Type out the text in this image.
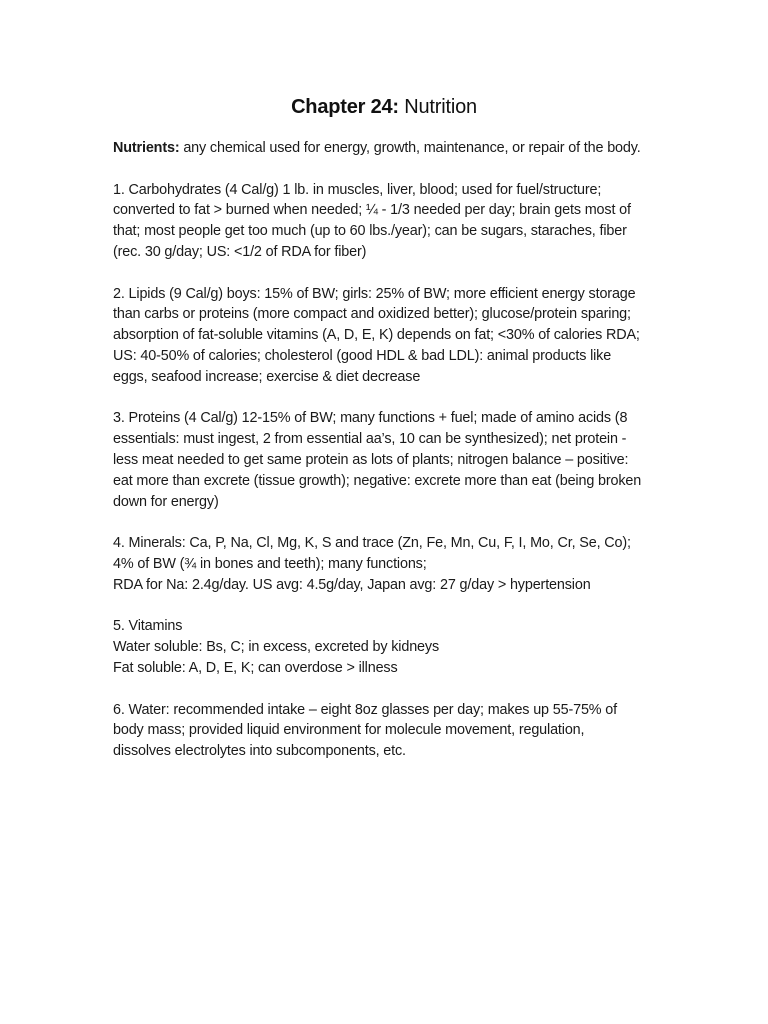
Chapter 24: Nutrition

Nutrients: any chemical used for energy, growth, maintenance, or repair of the body.

1. Carbohydrates (4 Cal/g) 1 lb. in muscles, liver, blood; used for fuel/structure;
converted to fat > burned when needed; ¼ - 1/3 needed per day; brain gets most of
that; most people get too much (up to 60 lbs./year); can be sugars, staraches, fiber
(rec. 30 g/day; US: <1/2 of RDA for fiber)

2. Lipids (9 Cal/g) boys: 15% of BW; girls: 25% of BW; more efficient energy storage
than carbs or proteins (more compact and oxidized better); glucose/protein sparing;
absorption of fat-soluble vitamins (A, D, E, K) depends on fat; <30% of calories RDA;
US: 40-50% of calories; cholesterol (good HDL & bad LDL): animal products like
eggs, seafood increase; exercise & diet decrease

3. Proteins (4 Cal/g) 12-15% of BW; many functions + fuel; made of amino acids (8
essentials: must ingest, 2 from essential aa’s, 10 can be synthesized); net protein -
less meat needed to get same protein as lots of plants; nitrogen balance – positive:
eat more than excrete (tissue growth); negative: excrete more than eat (being broken
down for energy)

4. Minerals: Ca, P, Na, Cl, Mg, K, S and trace (Zn, Fe, Mn, Cu, F, I, Mo, Cr, Se, Co);
4% of BW (¾ in bones and teeth); many functions;
RDA for Na: 2.4g/day. US avg: 4.5g/day, Japan avg: 27 g/day > hypertension

5. Vitamins
Water soluble: Bs, C; in excess, excreted by kidneys
Fat soluble: A, D, E, K; can overdose > illness

6. Water: recommended intake – eight 8oz glasses per day; makes up 55-75% of
body mass; provided liquid environment for molecule movement, regulation,
dissolves electrolytes into subcomponents, etc.
